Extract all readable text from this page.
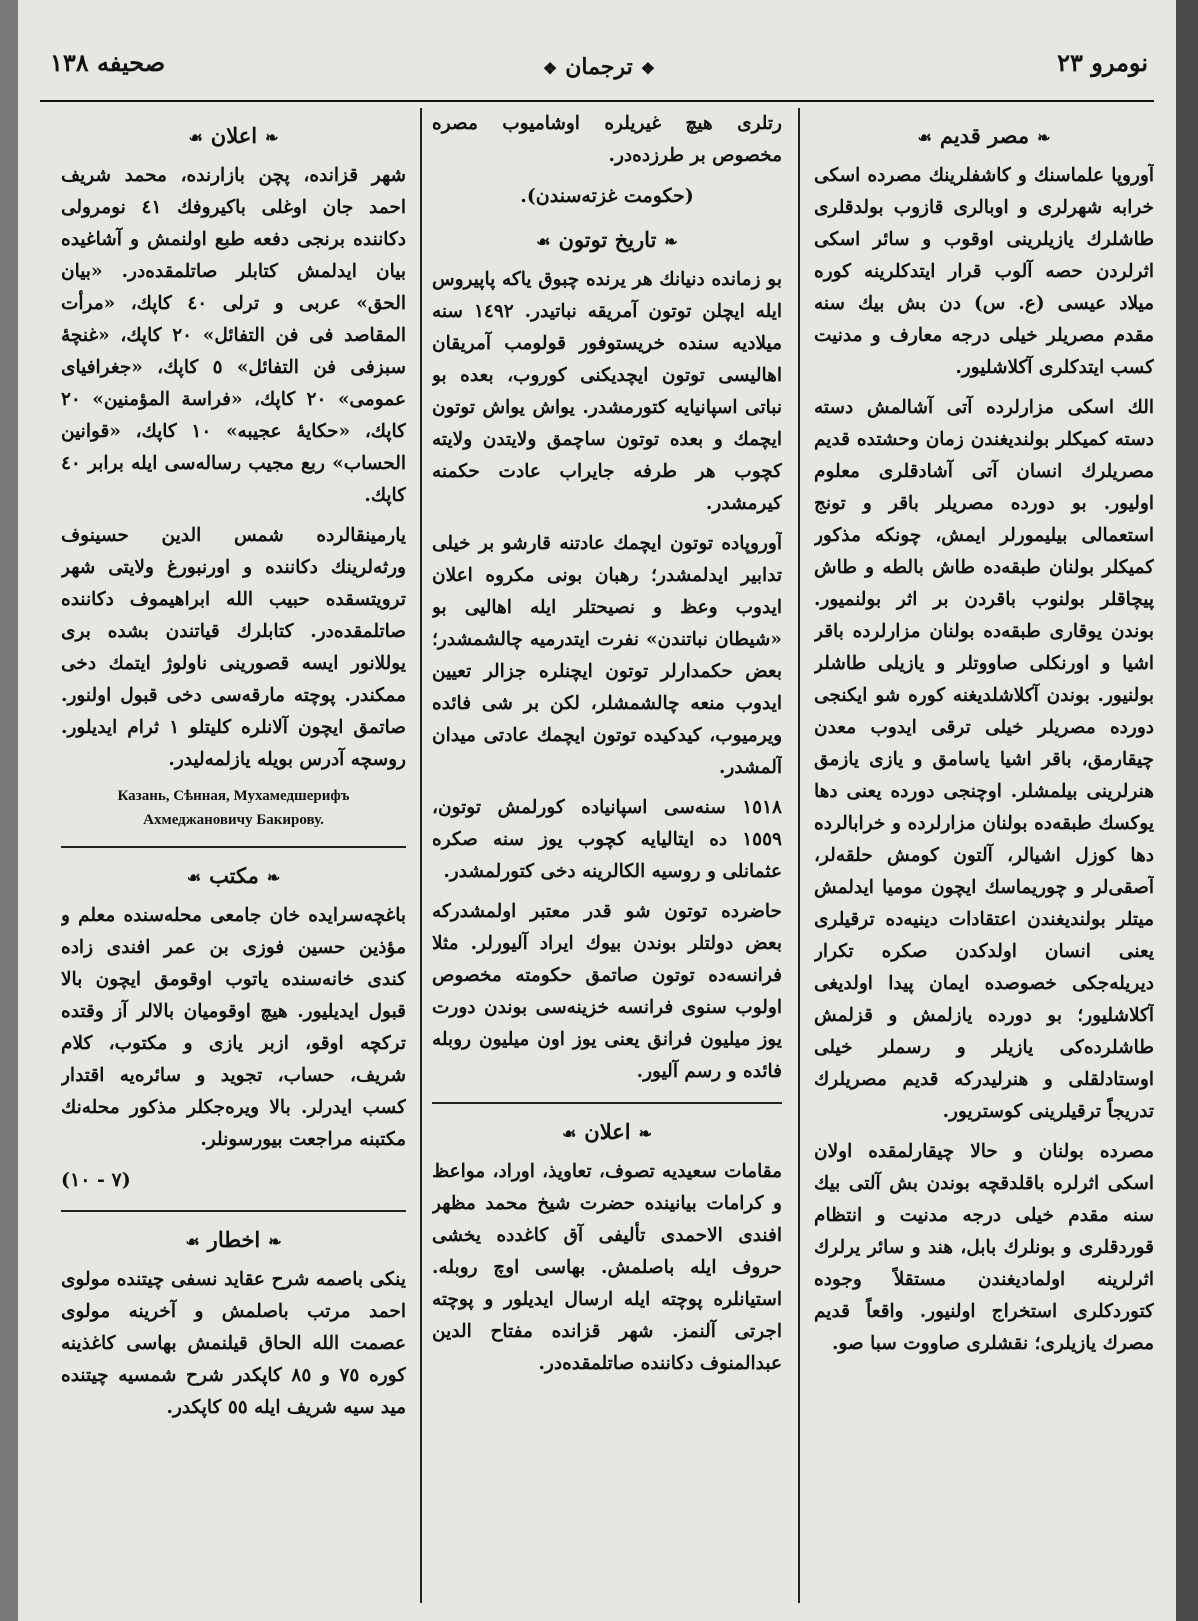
نومرو ٢٣
❖ترجمان❖
صحيفه ١٣٨
❧مصر قديم☙

آوروپا علماسنك و كاشفلرينك مصرده اسكى خرابه شهرلرى و اوبالرى قازوب بولدقلرى طاشلرك يازيلرينى اوقوب و سائر اسكى اثرلردن حصه آلوب قرار ايتدكلرينه كوره ميلاد عيسى (ع. س) دن بش بيك سنه مقدم مصريلر خيلى درجه معارف و مدنيت كسب ايتدكلرى آكلاشليور.

الك اسكى مزارلرده آتى آشالمش دسته دسته كميكلر بولنديغندن زمان وحشتده قديم مصريلرك انسان آتى آشادقلرى معلوم اوليور. بو دورده مصريلر باقر و تونج استعمالى بيليمورلر ايمش، چونكه مذكور كميكلر بولنان طبقه‌ده طاش بالطه و طاش پيچاقلر بولنوب باقردن بر اثر بولنميور. بوندن يوقارى طبقه‌ده بولنان مزارلرده باقر اشيا و اورنكلى صاووتلر و يازيلى طاشلر بولنيور. بوندن آكلاشلديغنه كوره شو ايكنجى دورده مصريلر خيلى ترقى ايدوب معدن چيقارمق، باقر اشيا ياسامق و يازى يازمق هنرلرينى بيلمشلر. اوچنجى دورده يعنى دها يوكسك طبقه‌ده بولنان مزارلرده و خرابالرده دها كوزل اشيالر، آلتون كومش حلقه‌لر، آصقى‌لر و چوريماسك ايچون موميا ايدلمش ميتلر بولنديغندن اعتقادات دينيه‌ده ترقيلرى يعنى انسان اولدكدن صكره تكرار ديريله‌جكى خصوصده ايمان پيدا اولديغى آكلاشليور؛ بو دورده يازلمش و قزلمش طاشلرده‌كى يازيلر و رسملر خيلى اوستادلقلى و هنرليدركه قديم مصريلرك تدريجاً ترقيلرينى كوستريور.

مصرده بولنان و حالا چيقارلمقده اولان اسكى اثرلره باقلدقچه بوندن بش آلتى بيك سنه مقدم خيلى درجه مدنيت و انتظام قوردقلرى و بونلرك بابل، هند و سائر يرلرك اثرلرينه اولماديغندن مستقلاً وجوده كتوردكلرى استخراج اولنيور. واقعاً قديم مصرك يازيلرى؛ نقشلرى صاووت سبا صو.

رتلرى هيچ غيريلره اوشاميوب مصره مخصوص بر طرزده‌در.

(حكومت غزته‌سندن).
❧تاريخ توتون☙

بو زمانده دنيانك هر يرنده چبوق ياكه پاپيروس ايله ايچلن توتون آمريقه نباتيدر. ١٤٩٢ سنه ميلاديه سنده خريستوفور قولومب آمريقان اهاليسى توتون ايچديكنى كوروب، بعده بو نباتى اسپانيايه كتورمشدر. يواش يواش توتون ايچمك و بعده توتون ساچمق ولايتدن ولايته كچوب هر طرفه جايراب عادت حكمنه كيرمشدر.

آوروپاده توتون ايچمك عادتنه قارشو بر خيلى تدابير ايدلمشدر؛ رهبان بونى مكروه اعلان ايدوب وعظ و نصيحتلر ايله اهاليى بو «شيطان نباتندن» نفرت ايتدرميه چالشمشدر؛ بعض حكمدارلر توتون ايچنلره جزالر تعيين ايدوب منعه چالشمشلر، لكن بر شى فائده ويرميوب، كيدكيده توتون ايچمك عادتى ميدان آلمشدر.

١٥١٨ سنه‌سى اسپانياده كورلمش توتون، ١٥٥٩ ده ايتاليايه كچوب يوز سنه صكره عثمانلى و روسيه الكالرينه دخى كتورلمشدر.

حاضرده توتون شو قدر معتبر اولمشدركه بعض دولتلر بوندن بيوك ايراد آليورلر. مثلا فرانسه‌ده توتون صاتمق حكومته مخصوص اولوب سنوى فرانسه خزينه‌سى بوندن دورت يوز ميليون فرانق يعنى يوز اون ميليون روبله فائده و رسم آليور.

❧اعلان☙

مقامات سعيديه تصوف، تعاويذ، اوراد، مواعظ و كرامات بيانينده حضرت شيخ محمد مظهر افندى الاحمدى تأليفى آق كاغدده يخشى حروف ايله باصلمش. بهاسى اوچ روبله. استيانلره پوچته ايله ارسال ايديلور و پوچته اجرتى آلنمز. شهر قزانده مفتاح الدين عبدالمنوف دكاننده صاتلمقده‌در.

❧اعلان☙

شهر قزانده، پچن بازارنده، محمد شريف احمد جان اوغلى باكيروفك ٤١ نومرولى دكاننده برنجى دفعه طبع اولنمش و آشاغيده بيان ايدلمش كتابلر صاتلمقده‌در. «بيان الحق» عربى و ترلى ٤٠ كاپك، «مرأت المقاصد فى فن التفائل» ٢٠ كاپك، «غنچهٔ سبزفى فن التفائل» ٥ كاپك، «جغرافياى عمومى» ٢٠ كاپك، «فراسة المؤمنين» ٢٠ كاپك، «حكايهٔ عجيبه» ١٠ كاپك، «قوانين الحساب» ربع مجيب رساله‌سى ايله برابر ٤٠ كاپك.

يارمينقالرده شمس الدين حسينوف ورثه‌لرينك دكاننده و اورنبورغ ولايتى شهر ترويتسقده حبيب الله ابراهيموف دكاننده صاتلمقده‌در. كتابلرك قياتندن بشده برى يوللانور ايسه قصورينى ناولوژ ايتمك دخى ممكندر. پوچته مارقه‌سى دخى قبول اولنور. صاتمق ايچون آلانلره كليتلو ١ ثرام ايديلور. روسچه آدرس بويله يازلمه‌ليدر.

Казань, Сѣнная, Мухамедшерифъ Ахмеджановичу Бакирову.
❧مكتب☙

باغچه‌سرايده خان جامعى محله‌سنده معلم و مؤذين حسين فوزى بن عمر افندى زاده كندى خانه‌سنده ياتوب اوقومق ايچون بالا قبول ايديليور. هيچ اوقوميان بالالر آز وقتده تركچه اوقو، ازبر يازى و مكتوب، كلام شريف، حساب، تجويد و سائره‌يه اقتدار كسب ايدرلر. بالا ويره‌جكلر مذكور محله‌نك مكتبنه مراجعت بيورسونلر.

(٧ - ١٠)
❧اخطار☙

ينكى باصمه شرح عقايد نسفى چيتنده مولوى احمد مرتب باصلمش و آخرينه مولوى عصمت الله الحاق قيلنمش بهاسى كاغذينه كوره ٧٥ و ٨٥ كاپكدر شرح شمسيه چيتنده ميد سيه شريف ايله ٥٥ كاپكدر.
